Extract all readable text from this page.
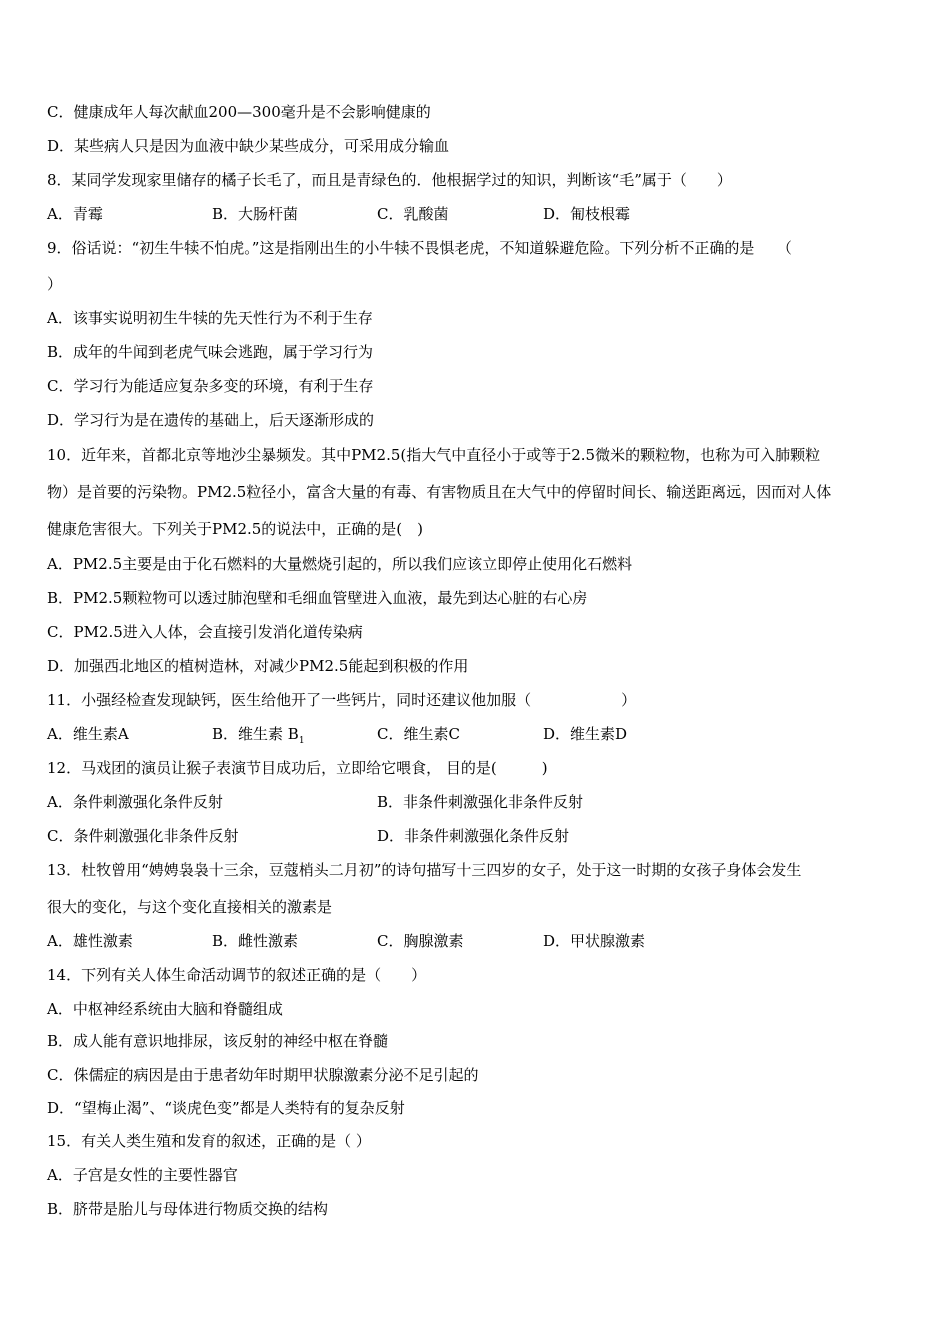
C．健康成年人每次献血200—300毫升是不会影响健康的
D．某些病人只是因为血液中缺少某些成分，可采用成分输血
8．某同学发现家里储存的橘子长毛了，而且是青绿色的．他根据学过的知识，判断该“毛”属于（　　）
A．青霉	B．大肠杆菌	C．乳酸菌	D．匍枝根霉
9．俗话说：“初生牛犊不怕虎。”这是指刚出生的小牛犊不畏惧老虎，不知道躲避危险。下列分析不正确的是　　（
）
A．该事实说明初生牛犊的先天性行为不利于生存
B．成年的牛闻到老虎气味会逃跑，属于学习行为
C．学习行为能适应复杂多变的环境，有利于生存
D．学习行为是在遗传的基础上，后天逐渐形成的
10．近年来，首都北京等地沙尘暴频发。其中PM2.5(指大气中直径小于或等于2.5微米的颗粒物，也称为可入肺颗粒
物）是首要的污染物。PM2.5粒径小，富含大量的有毒、有害物质且在大气中的停留时间长、输送距离远，因而对人体
健康危害很大。下列关于PM2.5的说法中，正确的是(　)
A．PM2.5主要是由于化石燃料的大量燃烧引起的，所以我们应该立即停止使用化石燃料
B．PM2.5颗粒物可以透过肺泡壁和毛细血管壁进入血液，最先到达心脏的右心房
C．PM2.5进入人体，会直接引发消化道传染病
D．加强西北地区的植树造林，对减少PM2.5能起到积极的作用
11．小强经检查发现缺钙，医生给他开了一些钙片，同时还建议他加服（　　　　　　）
A．维生素A	B．维生素 $B_1$	C．维生素C	D．维生素D
12．马戏团的演员让猴子表演节目成功后，立即给它喂食， 目的是(　　　)
A．条件刺激强化条件反射	B．非条件刺激强化非条件反射
C．条件刺激强化非条件反射	D．非条件刺激强化条件反射
13．杜牧曾用“娉娉袅袅十三余，豆蔻梢头二月初”的诗句描写十三四岁的女子，处于这一时期的女孩子身体会发生
很大的变化，与这个变化直接相关的激素是
A．雄性激素	B．雌性激素	C．胸腺激素	D．甲状腺激素
14．下列有关人体生命活动调节的叙述正确的是（　　）
A．中枢神经系统由大脑和脊髓组成
B．成人能有意识地排尿，该反射的神经中枢在脊髓
C．侏儒症的病因是由于患者幼年时期甲状腺激素分泌不足引起的
D．“望梅止渴”、“谈虎色变”都是人类特有的复杂反射
15．有关人类生殖和发育的叙述，正确的是（ ）
A．子宫是女性的主要性器官
B．脐带是胎儿与母体进行物质交换的结构
